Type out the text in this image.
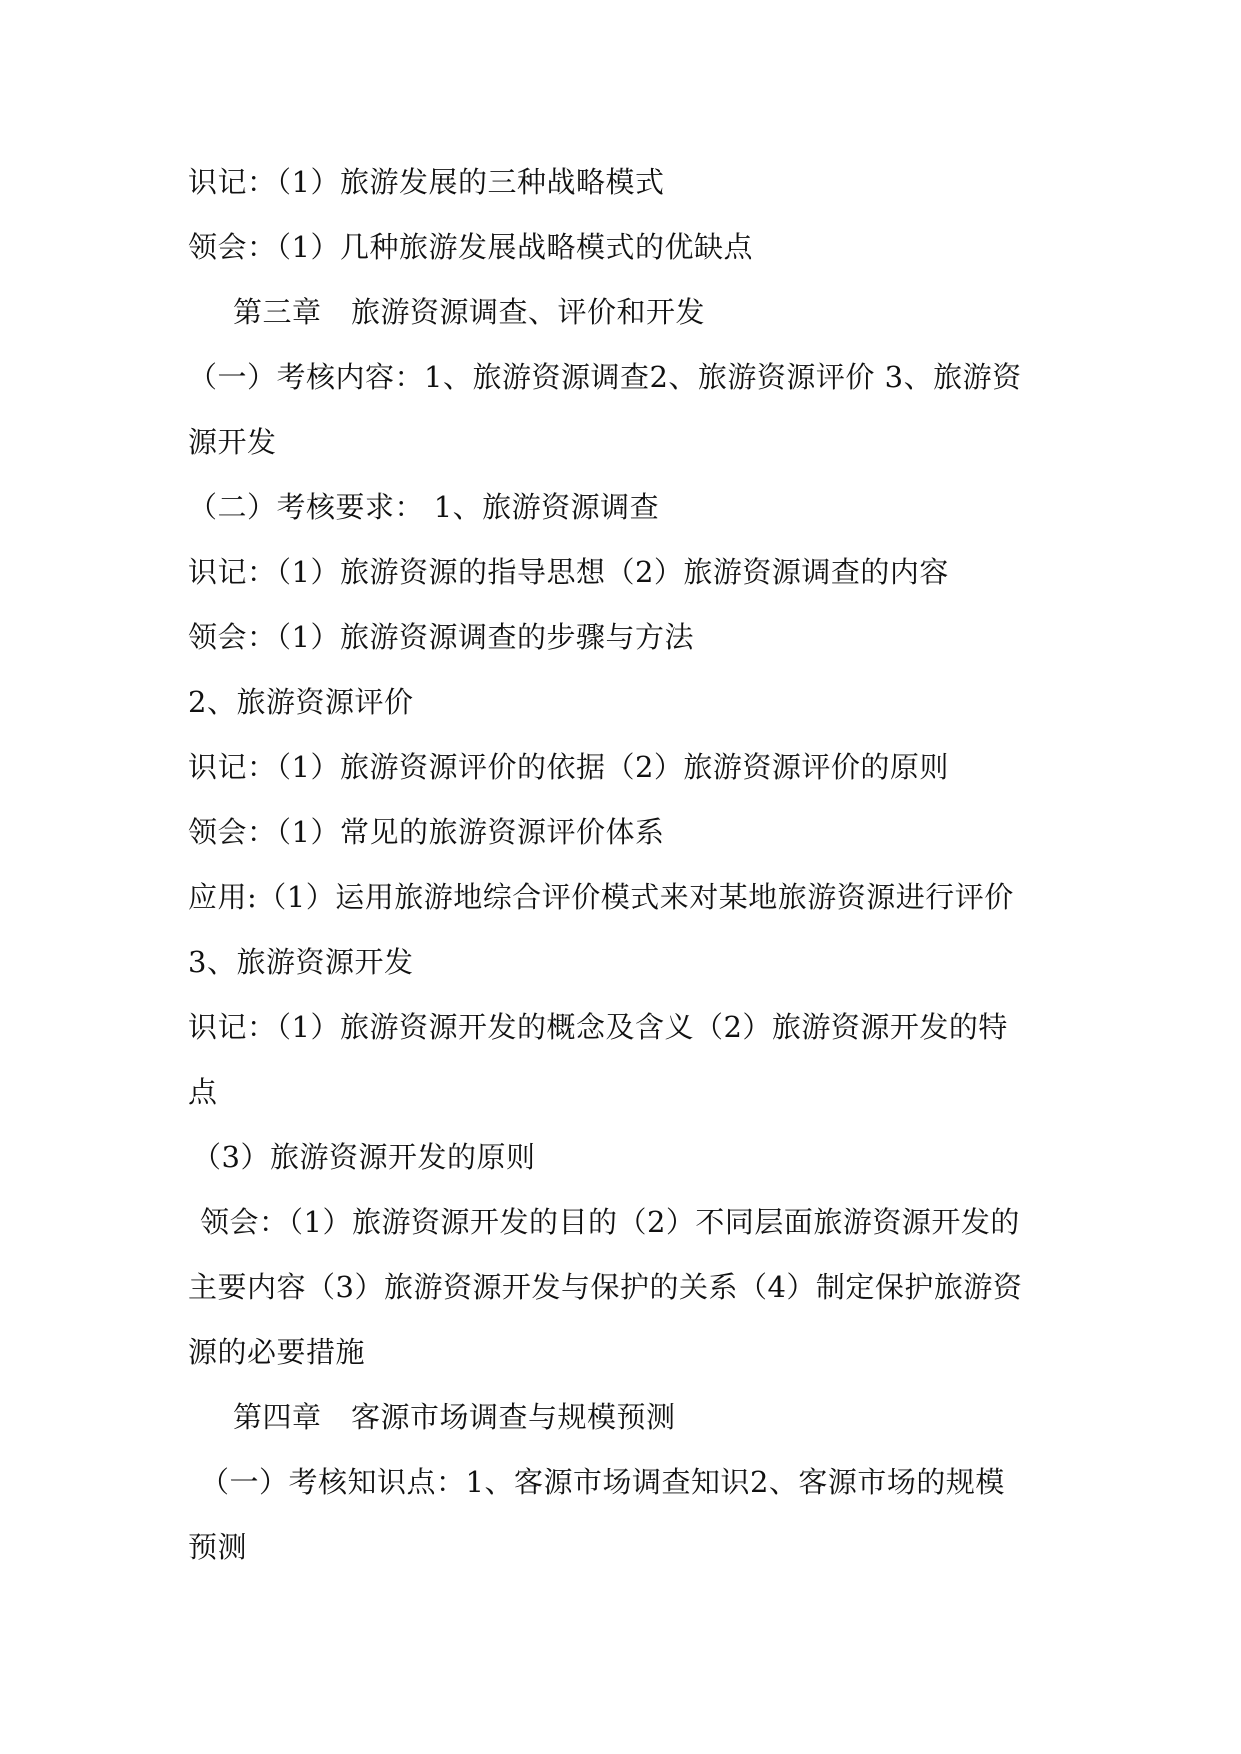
识记：（1）旅游发展的三种战略模式
领会：（1）几种旅游发展战略模式的优缺点
第三章　旅游资源调查、评价和开发
（一）考核内容：1、旅游资源调查2、旅游资源评价 3、旅游资
源开发
（二）考核要求： 1、旅游资源调查
识记：（1）旅游资源的指导思想（2）旅游资源调查的内容
领会：（1）旅游资源调查的步骤与方法
2、旅游资源评价
识记：（1）旅游资源评价的依据（2）旅游资源评价的原则
领会：（1）常见的旅游资源评价体系
应用:（1）运用旅游地综合评价模式来对某地旅游资源进行评价
3、旅游资源开发
识记：（1）旅游资源开发的概念及含义（2）旅游资源开发的特
点
（3）旅游资源开发的原则
领会：（1）旅游资源开发的目的（2）不同层面旅游资源开发的
主要内容（3）旅游资源开发与保护的关系（4）制定保护旅游资
源的必要措施
第四章　客源市场调查与规模预测
（一）考核知识点：1、客源市场调查知识2、客源市场的规模
预测
